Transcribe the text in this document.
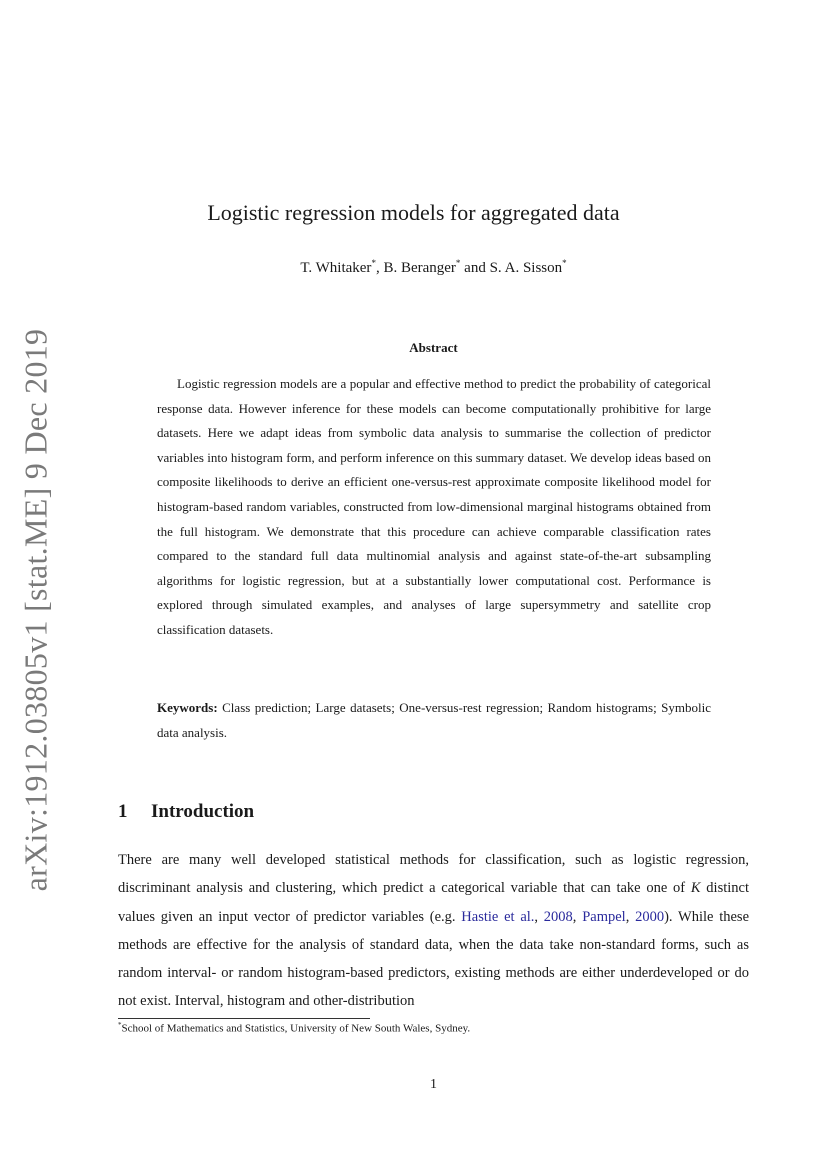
arXiv:1912.03805v1 [stat.ME] 9 Dec 2019
Logistic regression models for aggregated data
T. Whitaker*, B. Beranger* and S. A. Sisson*
Abstract
Logistic regression models are a popular and effective method to predict the probability of categorical response data. However inference for these models can become computationally prohibitive for large datasets. Here we adapt ideas from symbolic data analysis to summarise the collection of predictor variables into histogram form, and perform inference on this summary dataset. We develop ideas based on composite likelihoods to derive an efficient one-versus-rest approximate composite likelihood model for histogram-based random variables, constructed from low-dimensional marginal histograms obtained from the full histogram. We demonstrate that this procedure can achieve comparable classification rates compared to the standard full data multinomial analysis and against state-of-the-art subsampling algorithms for logistic regression, but at a substantially lower computational cost. Performance is explored through simulated examples, and analyses of large supersymmetry and satellite crop classification datasets.
Keywords: Class prediction; Large datasets; One-versus-rest regression; Random histograms; Symbolic data analysis.
1 Introduction
There are many well developed statistical methods for classification, such as logistic regression, discriminant analysis and clustering, which predict a categorical variable that can take one of K distinct values given an input vector of predictor variables (e.g. Hastie et al., 2008, Pampel, 2000). While these methods are effective for the analysis of standard data, when the data take non-standard forms, such as random interval- or random histogram-based predictors, existing methods are either underdeveloped or do not exist. Interval, histogram and other-distribution
*School of Mathematics and Statistics, University of New South Wales, Sydney.
1
